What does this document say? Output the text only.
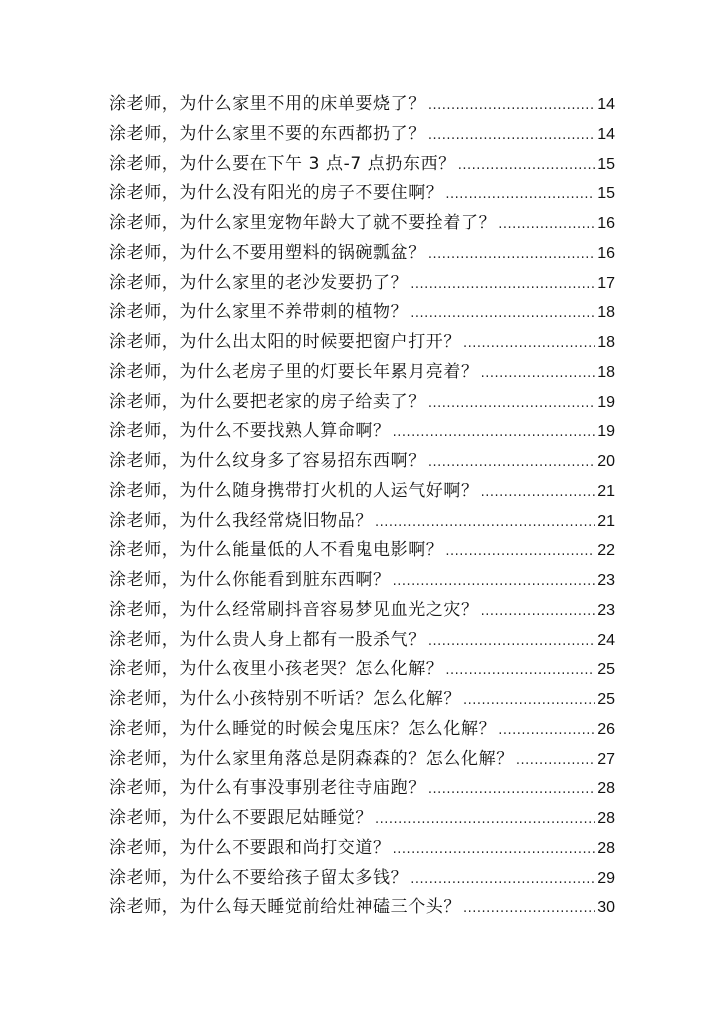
涂老师，为什么家里不用的床单要烧了？ .....	14
涂老师，为什么家里不要的东西都扔了？ .....	14
涂老师，为什么要在下午 3 点-7 点扔东西？ .....	15
涂老师，为什么没有阳光的房子不要住啊？ .....	15
涂老师，为什么家里宠物年龄大了就不要拴着了？ .....	16
涂老师，为什么不要用塑料的锅碗瓢盆？ .....	16
涂老师，为什么家里的老沙发要扔了？ .....	17
涂老师，为什么家里不养带刺的植物？ .....	18
涂老师，为什么出太阳的时候要把窗户打开？ .....	18
涂老师，为什么老房子里的灯要长年累月亮着？ .....	18
涂老师，为什么要把老家的房子给卖了？ .....	19
涂老师，为什么不要找熟人算命啊？ .....	19
涂老师，为什么纹身多了容易招东西啊？ .....	20
涂老师，为什么随身携带打火机的人运气好啊？ .....	21
涂老师，为什么我经常烧旧物品？ .....	21
涂老师，为什么能量低的人不看鬼电影啊？ .....	22
涂老师，为什么你能看到脏东西啊？ .....	23
涂老师，为什么经常刷抖音容易梦见血光之灾？ .....	23
涂老师，为什么贵人身上都有一股杀气？ .....	24
涂老师，为什么夜里小孩老哭？怎么化解？ .....	25
涂老师，为什么小孩特别不听话？怎么化解？ .....	25
涂老师，为什么睡觉的时候会鬼压床？怎么化解？ .....	26
涂老师，为什么家里角落总是阴森森的？怎么化解？ .....	27
涂老师，为什么有事没事别老往寺庙跑？ .....	28
涂老师，为什么不要跟尼姑睡觉？ .....	28
涂老师，为什么不要跟和尚打交道？ .....	28
涂老师，为什么不要给孩子留太多钱？ .....	29
涂老师，为什么每天睡觉前给灶神磕三个头？ .....	30
